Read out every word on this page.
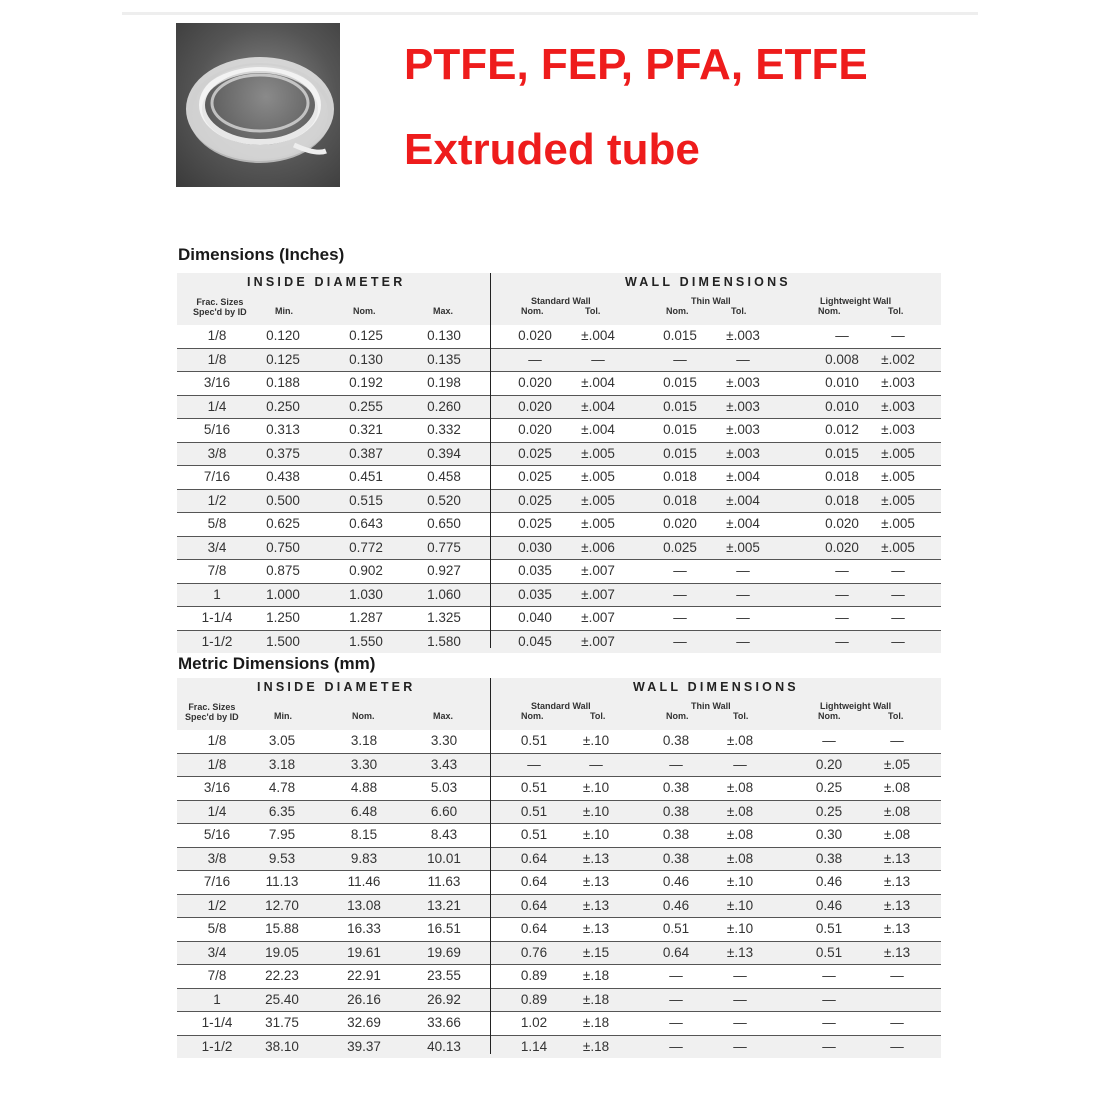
PTFE, FEP, PFA, ETFE
Extruded tube
Dimensions (Inches)
INSIDE DIAMETER	WALL DIMENSIONS
Frac. Sizes
Spec'd by ID	Min.	Nom.	Max.
Standard Wall	Thin Wall	Lightweight Wall
Nom.	Tol.	Nom.	Tol.	Nom.	Tol.
1/8	0.120	0.125	0.130	0.020	±.004	0.015	±.003	—	—
1/8	0.125	0.130	0.135	—	—	—	—	0.008	±.002
3/16	0.188	0.192	0.198	0.020	±.004	0.015	±.003	0.010	±.003
1/4	0.250	0.255	0.260	0.020	±.004	0.015	±.003	0.010	±.003
5/16	0.313	0.321	0.332	0.020	±.004	0.015	±.003	0.012	±.003
3/8	0.375	0.387	0.394	0.025	±.005	0.015	±.003	0.015	±.005
7/16	0.438	0.451	0.458	0.025	±.005	0.018	±.004	0.018	±.005
1/2	0.500	0.515	0.520	0.025	±.005	0.018	±.004	0.018	±.005
5/8	0.625	0.643	0.650	0.025	±.005	0.020	±.004	0.020	±.005
3/4	0.750	0.772	0.775	0.030	±.006	0.025	±.005	0.020	±.005
7/8	0.875	0.902	0.927	0.035	±.007	—	—	—	—
1	1.000	1.030	1.060	0.035	±.007	—	—	—	—
1-1/4	1.250	1.287	1.325	0.040	±.007	—	—	—	—
1-1/2	1.500	1.550	1.580	0.045	±.007	—	—	—	—
Metric Dimensions (mm)
INSIDE DIAMETER	WALL DIMENSIONS
Frac. Sizes
Spec'd by ID	Min.	Nom.	Max.
Standard Wall	Thin Wall	Lightweight Wall
Nom.	Tol.	Nom.	Tol.	Nom.	Tol.
1/8	3.05	3.18	3.30	0.51	±.10	0.38	±.08	—	—
1/8	3.18	3.30	3.43	—	—	—	—	0.20	±.05
3/16	4.78	4.88	5.03	0.51	±.10	0.38	±.08	0.25	±.08
1/4	6.35	6.48	6.60	0.51	±.10	0.38	±.08	0.25	±.08
5/16	7.95	8.15	8.43	0.51	±.10	0.38	±.08	0.30	±.08
3/8	9.53	9.83	10.01	0.64	±.13	0.38	±.08	0.38	±.13
7/16	11.13	11.46	11.63	0.64	±.13	0.46	±.10	0.46	±.13
1/2	12.70	13.08	13.21	0.64	±.13	0.46	±.10	0.46	±.13
5/8	15.88	16.33	16.51	0.64	±.13	0.51	±.10	0.51	±.13
3/4	19.05	19.61	19.69	0.76	±.15	0.64	±.13	0.51	±.13
7/8	22.23	22.91	23.55	0.89	±.18	—	—	—	—
1	25.40	26.16	26.92	0.89	±.18	—	—	—
1-1/4	31.75	32.69	33.66	1.02	±.18	—	—	—	—
1-1/2	38.10	39.37	40.13	1.14	±.18	—	—	—	—
